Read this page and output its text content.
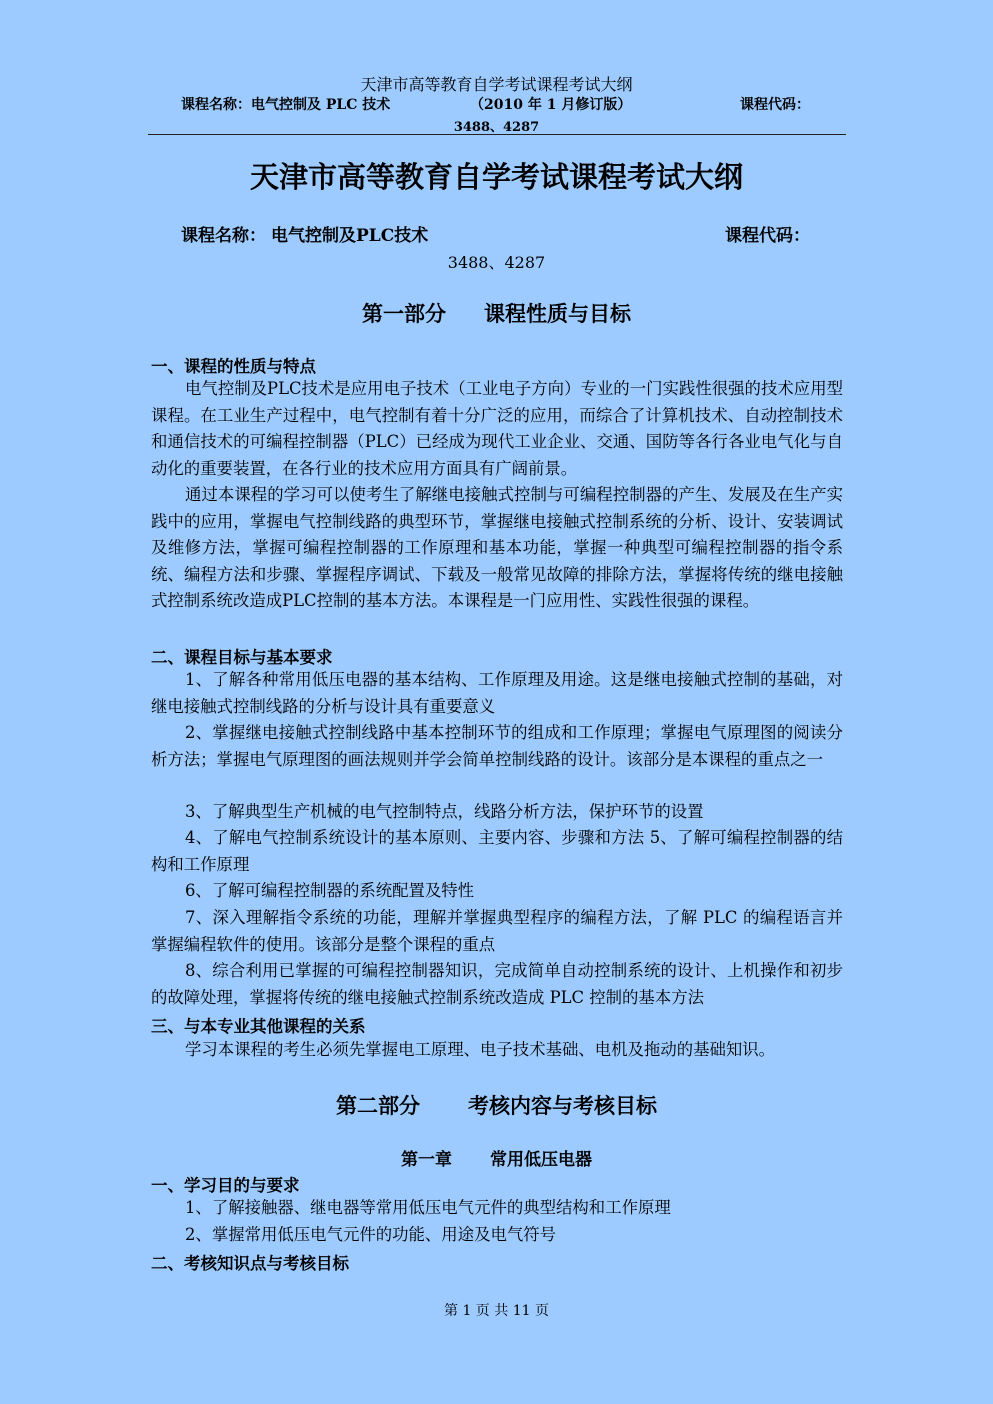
天津市高等教育自学考试课程考试大纲
课程名称：电气控制及 PLC 技术	（2010 年 1 月修订版）	课程代码：
3488、4287
天津市高等教育自学考试课程考试大纲
课程名称： 电气控制及PLC技术	课程代码：
3488、4287
第一部分 课程性质与目标
一、课程的性质与特点
电气控制及PLC技术是应用电子技术（工业电子方向）专业的一门实践性很强的技术应用型课程。在工业生产过程中，电气控制有着十分广泛的应用，而综合了计算机技术、自动控制技术和通信技术的可编程控制器（PLC）已经成为现代工业企业、交通、国防等各行各业电气化与自动化的重要装置，在各行业的技术应用方面具有广阔前景。
通过本课程的学习可以使考生了解继电接触式控制与可编程控制器的产生、发展及在生产实践中的应用，掌握电气控制线路的典型环节，掌握继电接触式控制系统的分析、设计、安装调试及维修方法，掌握可编程控制器的工作原理和基本功能，掌握一种典型可编程控制器的指令系统、编程方法和步骤、掌握程序调试、下载及一般常见故障的排除方法，掌握将传统的继电接触式控制系统改造成PLC控制的基本方法。本课程是一门应用性、实践性很强的课程。
二、课程目标与基本要求
1、了解各种常用低压电器的基本结构、工作原理及用途。这是继电接触式控制的基础，对继电接触式控制线路的分析与设计具有重要意义
2、掌握继电接触式控制线路中基本控制环节的组成和工作原理；掌握电气原理图的阅读分析方法；掌握电气原理图的画法规则并学会简单控制线路的设计。该部分是本课程的重点之一
3、了解典型生产机械的电气控制特点，线路分析方法，保护环节的设置
4、了解电气控制系统设计的基本原则、主要内容、步骤和方法 5、了解可编程控制器的结构和工作原理
6、了解可编程控制器的系统配置及特性
7、深入理解指令系统的功能，理解并掌握典型程序的编程方法，了解 PLC 的编程语言并掌握编程软件的使用。该部分是整个课程的重点
8、综合利用已掌握的可编程控制器知识，完成简单自动控制系统的设计、上机操作和初步的故障处理，掌握将传统的继电接触式控制系统改造成 PLC 控制的基本方法
三、与本专业其他课程的关系
学习本课程的考生必须先掌握电工原理、电子技术基础、电机及拖动的基础知识。
第二部分 考核内容与考核目标
第一章 常用低压电器
一、学习目的与要求
1、了解接触器、继电器等常用低压电气元件的典型结构和工作原理
2、掌握常用低压电气元件的功能、用途及电气符号
二、考核知识点与考核目标
第 1 页 共 11 页
